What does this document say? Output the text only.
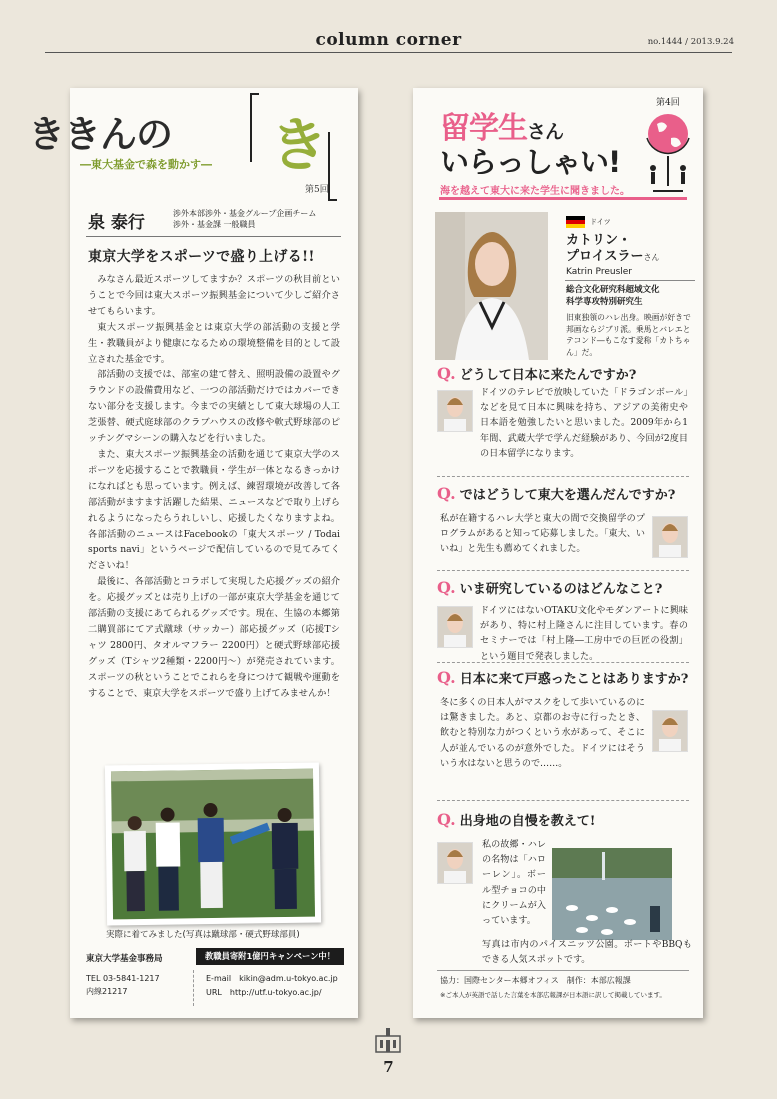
column corner	no.1444 / 2013.9.24
ききんの き
―東大基金で森を動かす―
第5回
泉 泰行	渉外本部渉外・基金グループ企画チーム
渉外・基金課 一般職員
東京大学をスポーツで盛り上げる!!

みなさん最近スポーツしてますか？スポーツの秋目前ということで今回は東大スポーツ振興基金について少しご紹介させてもらいます。

東大スポーツ振興基金とは東京大学の部活動の支援と学生・教職員がより健康になるための環境整備を目的として設立された基金です。

部活動の支援では、部室の建て替え、照明設備の設置やグラウンドの設備費用など、一つの部活動だけではカバーできない部分を支援します。今までの実績として東大球場の人工芝張替、硬式庭球部のクラブハウスの改修や軟式野球部のピッチングマシーンの購入などを行いました。

また、東大スポーツ振興基金の活動を通じて東京大学のスポーツを応援することで教職員・学生が一体となるきっかけになればとも思っています。例えば、練習環境が改善して各部活動がますます活躍した結果、ニュースなどで取り上げられるようになったらうれしいし、応援したくなりますよね。各部活動のニュースはFacebookの「東大スポーツ / Todai sports navi」というページで配信しているので見てみてくださいね！

最後に、各部活動とコラボして実現した応援グッズの紹介を。応援グッズとは売り上げの一部が東京大学基金を通じて部活動の支援にあてられるグッズです。現在、生協の本郷第二購買部にてア式蹴球（サッカー）部応援グッズ（応援Tシャツ 2800円、タオルマフラー 2200円）と硬式野球部応援グッズ（Tシャツ2種類・2200円〜）が発売されています。スポーツの秋ということでこれらを身につけて観戦や運動をすることで、東京大学をスポーツで盛り上げてみませんか！

実際に着てみました(写真は蹴球部・硬式野球部員)
東京大学基金事務局
TEL 03-5841-1217
内線21217
教職員寄附1億円キャンペーン中！
E-mail　kikin@adm.u-tokyo.ac.jp
URL　http://utf.u-tokyo.ac.jp/
第4回
留学生さん
いらっしゃい!
海を越えて東大に来た学生に聞きました。
ドイツ
カトリン・
プロイスラーさん
Katrin Preusler
総合文化研究科超域文化
科学専攻特別研究生
旧東独領のハレ出身。映画が好きで邦画ならジブリ派。乗馬とバレエとテコンド―もこなす愛称「カトちゃん」だ。
Q. どうして日本に来たんですか?
ドイツのテレビで放映していた「ドラゴンボール」などを見て日本に興味を持ち、アジアの美術史や日本語を勉強したいと思いました。2009年から1年間、武蔵大学で学んだ経験があり、今回が2度目の日本留学になります。
Q. ではどうして東大を選んだんですか?
私が在籍するハレ大学と東大の間で交換留学のプログラムがあると知って応募しました。「東大、いいね」と先生も薦めてくれました。
Q. いま研究しているのはどんなこと?
ドイツにはないOTAKU文化やモダンアートに興味があり、特に村上隆さんに注目しています。春のセミナーでは「村上隆―工房中での巨匠の役割」という題目で発表しました。
Q. 日本に来て戸惑ったことはありますか?
冬に多くの日本人がマスクをして歩いているのには驚きました。あと、京都のお寺に行ったとき、飲むと特別な力がつくという水があって、そこに人が並んでいるのが意外でした。ドイツにはそういう水はないと思うので……。
Q. 出身地の自慢を教えて!
私の故郷・ハレの名物は「ハローレン」。ボール型チョコの中にクリームが入っています。
写真は市内のパイスニッツ公園。ボートやBBQもできる人気スポットです。
協力：国際センター本郷オフィス　制作：本部広報課
※ご本人が英語で話した言葉を本部広報課が日本語に訳して掲載しています。
7
